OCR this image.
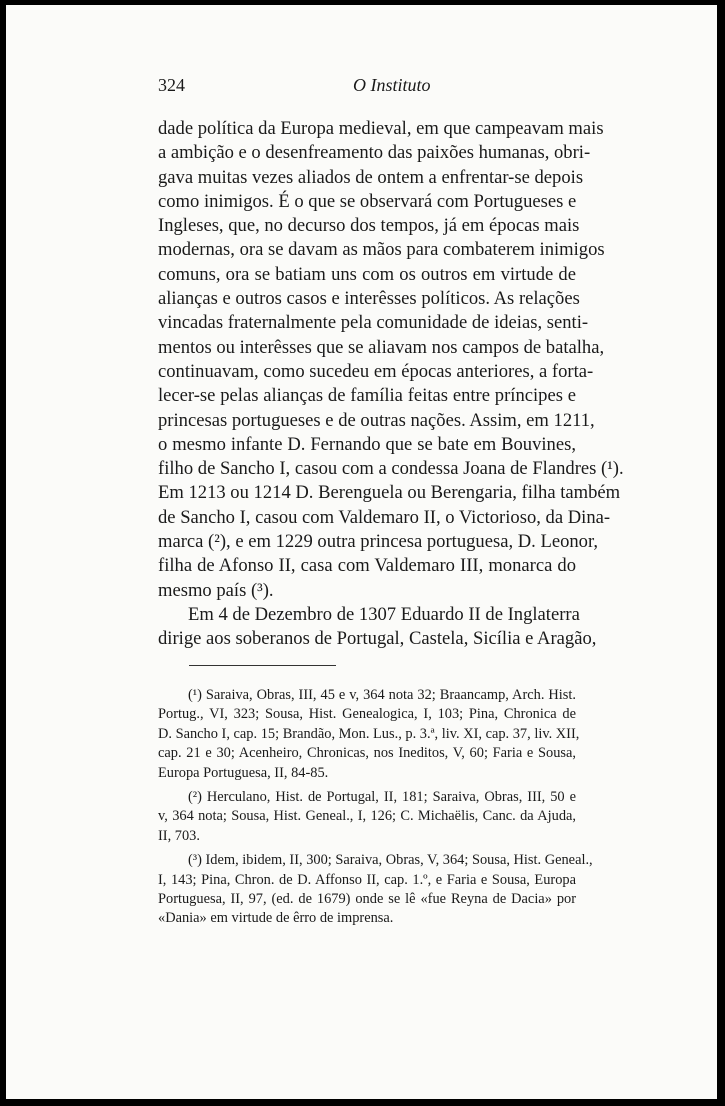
324	O Instituto
dade política da Europa medieval, em que campeavam mais
a ambição e o desenfreamento das paixões humanas, obri-
gava muitas vezes aliados de ontem a enfrentar-se depois
como inimigos. É o que se observará com Portugueses e
Ingleses, que, no decurso dos tempos, já em épocas mais
modernas, ora se davam as mãos para combaterem inimigos
comuns, ora se batiam uns com os outros em virtude de
alianças e outros casos e interêsses políticos. As relações
vincadas fraternalmente pela comunidade de ideias, senti-
mentos ou interêsses que se aliavam nos campos de batalha,
continuavam, como sucedeu em épocas anteriores, a forta-
lecer-se pelas alianças de família feitas entre príncipes e
princesas portugueses e de outras nações. Assim, em 1211,
o mesmo infante D. Fernando que se bate em Bouvines,
filho de Sancho I, casou com a condessa Joana de Flandres (¹).
Em 1213 ou 1214 D. Berenguela ou Berengaria, filha também
de Sancho I, casou com Valdemaro II, o Victorioso, da Dina-
marca (²), e em 1229 outra princesa portuguesa, D. Leonor,
filha de Afonso II, casa com Valdemaro III, monarca do
mesmo país (³).
Em 4 de Dezembro de 1307 Eduardo II de Inglaterra
dirige aos soberanos de Portugal, Castela, Sicília e Aragão,
(¹) Saraiva, Obras, III, 45 e v, 364 nota 32; Braancamp, Arch. Hist.
Portug., VI, 323; Sousa, Hist. Genealogica, I, 103; Pina, Chronica de
D. Sancho I, cap. 15; Brandão, Mon. Lus., p. 3.ª, liv. XI, cap. 37, liv. XII,
cap. 21 e 30; Acenheiro, Chronicas, nos Ineditos, V, 60; Faria e Sousa,
Europa Portuguesa, II, 84-85.
(²) Herculano, Hist. de Portugal, II, 181; Saraiva, Obras, III, 50 e
v, 364 nota; Sousa, Hist. Geneal., I, 126; C. Michaëlis, Canc. da Ajuda,
II, 703.
(³) Idem, ibidem, II, 300; Saraiva, Obras, V, 364; Sousa, Hist. Geneal.,
I, 143; Pina, Chron. de D. Affonso II, cap. 1.º, e Faria e Sousa, Europa
Portuguesa, II, 97, (ed. de 1679) onde se lê «fue Reyna de Dacia» por
«Dania» em virtude de êrro de imprensa.
